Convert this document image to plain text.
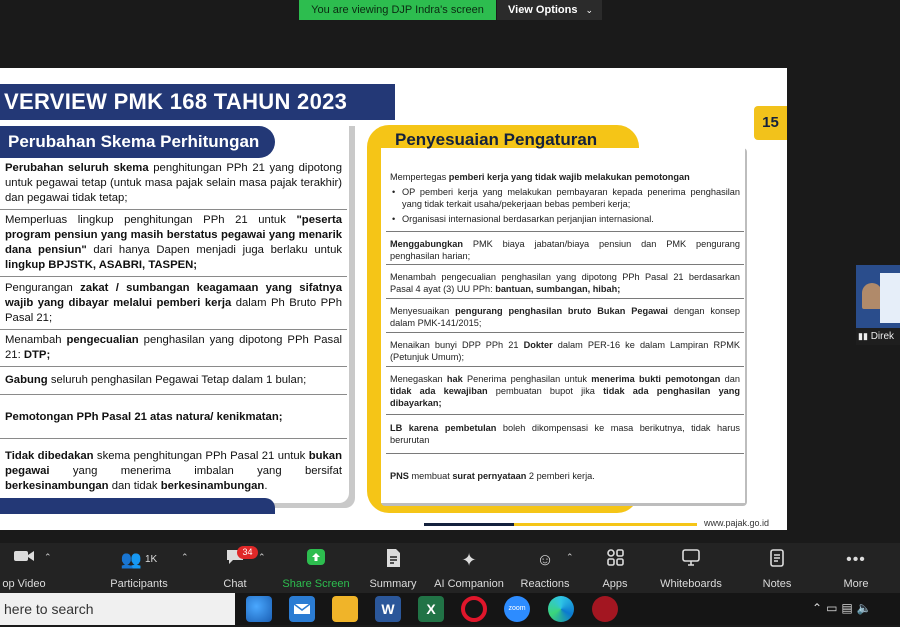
You are viewing DJP Indra's screen	View Options ⌄
VERVIEW PMK 168 TAHUN 2023
15
Perubahan Skema Perhitungan
Perubahan seluruh skema penghitungan PPh 21 yang dipotong untuk pegawai tetap (untuk masa pajak selain masa pajak terakhir) dan pegawai tidak tetap;
Memperluas lingkup penghitungan PPh 21 untuk "peserta program pensiun yang masih berstatus pegawai yang menarik dana pensiun" dari hanya Dapen menjadi juga berlaku untuk lingkup BPJSTK, ASABRI, TASPEN;
Pengurangan zakat / sumbangan keagamaan yang sifatnya wajib yang dibayar melalui pemberi kerja dalam Ph Bruto PPh Pasal 21;
Menambah pengecualian penghasilan yang dipotong PPh Pasal 21: DTP;
Gabung seluruh penghasilan Pegawai Tetap dalam 1 bulan;
Pemotongan PPh Pasal 21 atas natura/ kenikmatan;
Tidak dibedakan skema penghitungan PPh Pasal 21 untuk bukan pegawai yang menerima imbalan yang bersifat berkesinambungan dan tidak berkesinambungan.
Penyesuaian Pengaturan
Mempertegas pemberi kerja yang tidak wajib melakukan pemotongan
• OP pemberi kerja yang melakukan pembayaran kepada penerima penghasilan yang tidak terkait usaha/pekerjaan bebas pemberi kerja;
• Organisasi internasional berdasarkan perjanjian internasional.
Menggabungkan PMK biaya jabatan/biaya pensiun dan PMK pengurang penghasilan harian;
Menambah pengecualian penghasilan yang dipotong PPh Pasal 21 berdasarkan Pasal 4 ayat (3) UU PPh: bantuan, sumbangan, hibah;
Menyesuaikan pengurang penghasilan bruto Bukan Pegawai dengan konsep dalam PMK-141/2015;
Menaikan bunyi DPP PPh 21 Dokter dalam PER-16 ke dalam Lampiran RPMK (Petunjuk Umum);
Menegaskan hak Penerima penghasilan untuk menerima bukti pemotongan dan tidak ada kewajiban pembuatan bupot jika tidak ada penghasilan yang dibayarkan;
LB karena pembetulan boleh dikompensasi ke masa berikutnya, tidak harus berurutan
PNS membuat surat pernyataan 2 pemberi kerja.
www.pajak.go.id
▮▮ Direk
op Video
⌃	👥 1K
Participants
⌃
Chat
⌃
Share Screen	Summary
✦
AI Companion
☺
Reactions
⌃
Apps	Whiteboards	Notes
•••
More
34
here to search	W	X	zoom	⌃▭▤🔈
